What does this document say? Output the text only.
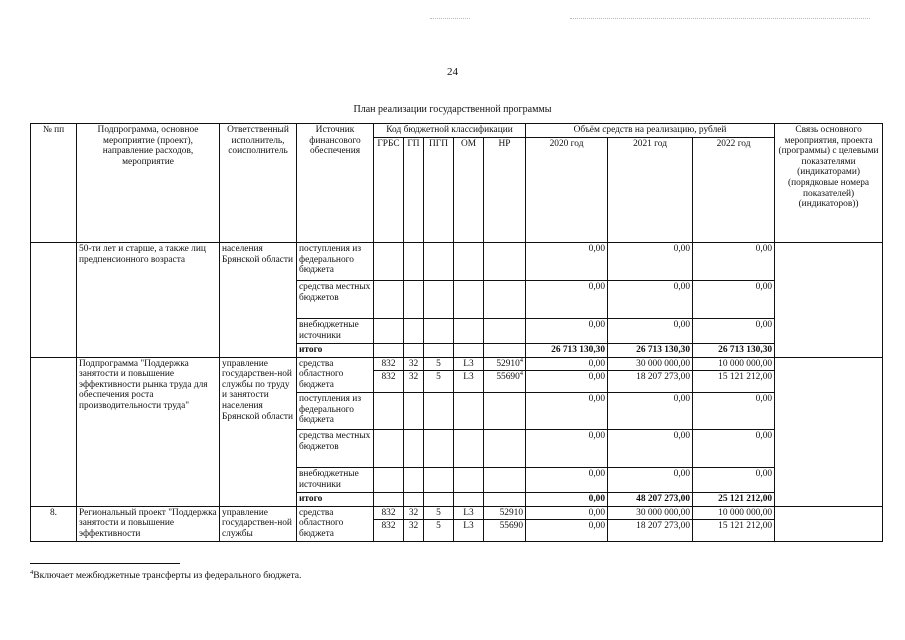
24
План реализации государственной программы
№ пп	Подпрограмма, основное мероприятие (проект), направление расходов, мероприятие	Ответственный исполнитель, соисполнитель	Источник финансового обеспечения	Код бюджетной классификации					Объём средств на реализацию, рублей			Связь основного мероприятия, проекта (программы) с целевыми показателями (индикаторами) (порядковые номера показателей) (индикаторов))
				ГРБС	ГП	ПГП	ОМ	НР	2020 год	2021 год	2022 год	
	50-ти лет и старше, а также лиц предпенсионного возраста	населения Брянской области	поступления из федерального бюджета						0,00	0,00	0,00	
			средства местных бюджетов						0,00	0,00	0,00	
			внебюджетные источники						0,00	0,00	0,00	
			итого						26 713 130,30	26 713 130,30	26 713 130,30	
	Подпрограмма "Поддержка занятости и повышение эффективности рынка труда для обеспечения роста производительности труда"	управление государствен-ной службы по труду и занятости населения Брянской области	средства областного бюджета	832	32	5	L3	52910$^4$	0,00	30 000 000,00	10 000 000,00	
				832	32	5	L3	55690$^4$	0,00	18 207 273,00	15 121 212,00	
			поступления из федерального бюджета						0,00	0,00	0,00	
			средства местных бюджетов						0,00	0,00	0,00	
			внебюджетные источники						0,00	0,00	0,00	
			итого						0,00	48 207 273,00	25 121 212,00	
8.	Региональный проект "Поддержка занятости и повышение эффективности	управление государствен-ной службы	средства областного бюджета	832	32	5	L3	52910	0,00	30 000 000,00	10 000 000,00	
				832	32	5	L3	55690	0,00	18 207 273,00	15 121 212,00	
$^4$Включает межбюджетные трансферты из федерального бюджета.
